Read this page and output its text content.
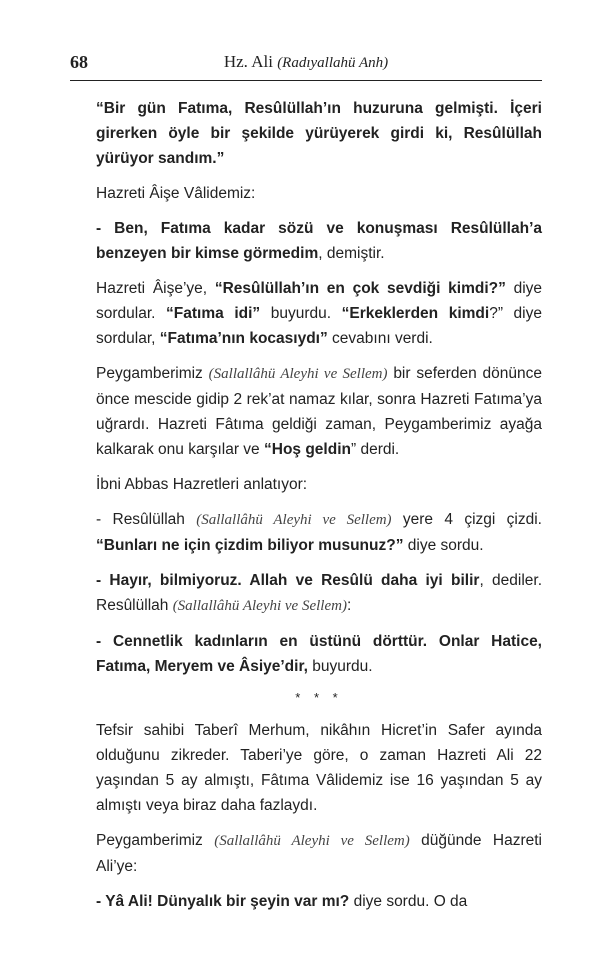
68	Hz. Ali (Radıyallahü Anh)

“Bir gün Fatıma, Resûlüllah’ın huzuruna gelmişti. İçeri girerken öyle bir şekilde yürüyerek girdi ki, Resûlüllah yürüyor sandım.”

Hazreti Âişe Vâlidemiz:

- Ben, Fatıma kadar sözü ve konuşması Resûlüllah’a benzeyen bir kimse görmedim, demiştir.

Hazreti Âişe’ye, “Resûlüllah’ın en çok sevdiği kimdi?” diye sordular. “Fatıma idi” buyurdu. “Erkeklerden kimdi?” diye sordular, “Fatıma’nın kocasıydı” cevabını verdi.

Peygamberimiz (Sallallâhü Aleyhi ve Sellem) bir seferden dönünce önce mescide gidip 2 rek’at namaz kılar, sonra Hazreti Fatıma’ya uğrardı. Hazreti Fâtıma geldiği zaman, Peygamberimiz ayağa kalkarak onu karşılar ve “Hoş geldin” derdi.

İbni Abbas Hazretleri anlatıyor:

- Resûlüllah (Sallallâhü Aleyhi ve Sellem) yere 4 çizgi çizdi. “Bunları ne için çizdim biliyor musunuz?” diye sordu.

- Hayır, bilmiyoruz. Allah ve Resûlü daha iyi bilir, dediler. Resûlüllah (Sallallâhü Aleyhi ve Sellem):

- Cennetlik kadınların en üstünü dörttür. Onlar Hatice, Fatıma, Meryem ve Âsiye’dir, buyurdu.

* * *

Tefsir sahibi Taberî Merhum, nikâhın Hicret’in Safer ayında olduğunu zikreder. Taberi’ye göre, o zaman Hazreti Ali 22 yaşından 5 ay almıştı, Fâtıma Vâlidemiz ise 16 yaşından 5 ay almıştı veya biraz daha fazlaydı.

Peygamberimiz (Sallallâhü Aleyhi ve Sellem) düğünde Hazreti Ali’ye:

- Yâ Ali! Dünyalık bir şeyin var mı? diye sordu. O da
